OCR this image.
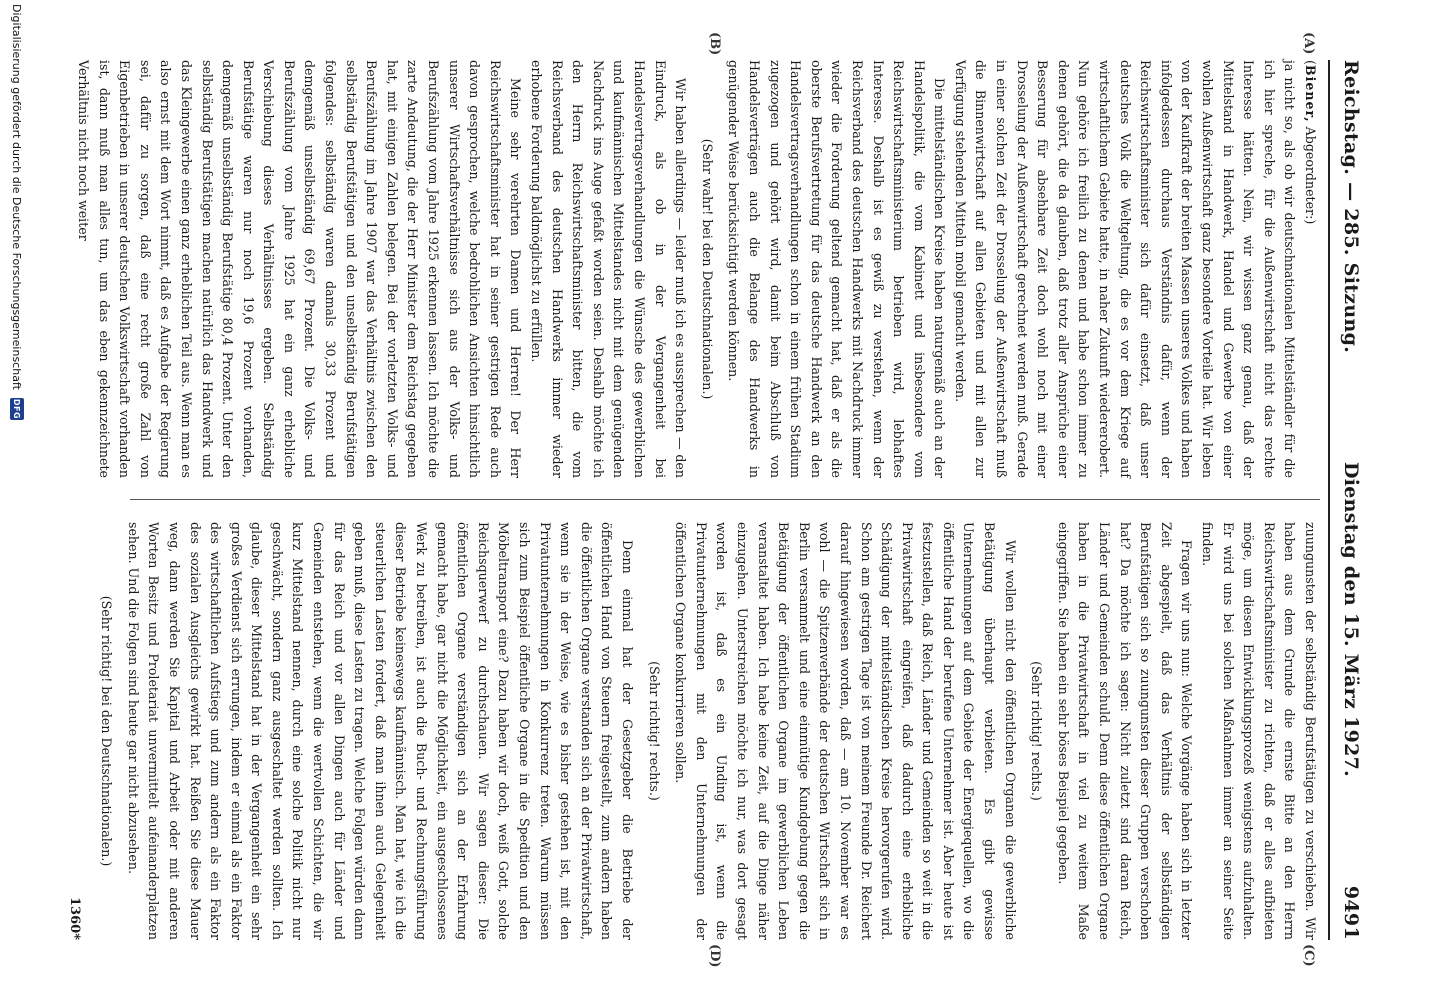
Reichstag. — 285. Sitzung.
Dienstag den 15. März 1927.
9491
(A)
(B)
(C)
(D)

(Biener, Abgeordneter:)

ja nicht so, als ob wir deutschnationalen Mittelständler für die ich hier spreche, für die Außenwirtschaft nicht das rechte Interesse hätten. Nein, wir wissen ganz genau, daß der Mittelstand in Handwerk, Handel und Gewerbe von einer wohlen Außenwirtschaft ganz besondere Vorteile hat. Wir leben von der Kaufkraft der breiten Massen unseres Volkes und haben infolgedessen durchaus Verständnis dafür, wenn der Reichswirtschaftsminister sich dafür einsetzt, daß unser deutsches Volk die Weltgeltung, die es vor dem Kriege auf wirtschaftlichem Gebiete hatte, in naher Zukunft wiedererobert. Nun gehöre ich freilich zu denen und habe schon immer zu denen gehört, die da glauben, daß trotz aller Ansprüche einer Besserung für absehbare Zeit doch wohl noch mit einer Drosselung der Außenwirtschaft gerechnet werden muß. Gerade in einer solchen Zeit der Drosselung der Außenwirtschaft muß die Binnenwirtschaft auf allen Gebieten und mit allen zur Verfügung stehenden Mitteln mobil gemacht werden.

Die mittelständischen Kreise haben naturgemäß auch an der Handelspolitik, die vom Kabinett und insbesondere vom Reichswirtschaftsministerium betrieben wird, lebhaftes Interesse. Deshalb ist es gewiß zu verstehen, wenn der Reichsverband des deutschen Handwerks mit Nachdruck immer wieder die Forderung geltend gemacht hat, daß er als die oberste Berufsvertretung für das deutsche Handwerk an den Handelsvertragsverhandlungen schon in einem frühen Stadium zugezogen und gehört wird, damit beim Abschluß von Handelsverträgen auch die Belange des Handwerks in genügender Weise berücksichtigt werden können.

(Sehr wahr! bei den Deutschnationalen.)

Wir haben allerdings — leider muß ich es aussprechen — den Eindruck, als ob in der Vergangenheit bei Handelsvertragsverhandlungen die Wünsche des gewerblichen und kaufmännischen Mittelstandes nicht mit dem genügenden Nachdruck ins Auge gefaßt worden seien. Deshalb möchte ich den Herrn Reichswirtschaftsminister bitten, die vom Reichsverband des deutschen Handwerks immer wieder erhobene Forderung baldmöglichst zu erfüllen.

Meine sehr verehrten Damen und Herren! Der Herr Reichswirtschaftsminister hat in seiner gestrigen Rede auch davon gesprochen, welche bedrohlichen Ansichten hinsichtlich unserer Wirtschaftsverhältnisse sich aus der Volks- und Berufszählung vom Jahre 1925 erkennen lassen. Ich möchte die zarte Andeutung, die der Herr Minister dem Reichstag gegeben hat, mit einigen Zahlen belegen. Bei der vorletzten Volks- und Berufszählung im Jahre 1907 war das Verhältnis zwischen den selbständig Berufstätigen und den unselbständig Berufstätigen folgendes: selbständig waren damals 30,33 Prozent und demgemäß unselbständig 69,67 Prozent. Die Volks- und Berufszählung vom Jahre 1925 hat ein ganz erhebliche Verschiebung dieses Verhältnisses ergeben. Selbständig Berufstätige waren nur noch 19,6 Prozent vorhanden, demgemäß unselbständig Berufstätige 80,4 Prozent. Unter den selbständig Berufstätigen machen natürlich das Handwerk und das Kleingewerbe einen ganz erheblichen Teil aus. Wenn man es also ernst mit dem Wort nimmt, daß es Aufgabe der Regierung sei, dafür zu sorgen, daß eine recht große Zahl von Eigenbetrieben in unserer deutschen Volkswirtschaft vorhanden ist, dann muß man alles tun, um das eben gekennzeichnete Verhältnis nicht noch weiter

zuungunsten der selbständig Berufstätigen zu verschieben. Wir haben aus dem Grunde die ernste Bitte an den Herrn Reichswirtschaftsminister zu richten, daß er alles aufbieten möge, um diesen Entwicklungsprozeß wenigstens aufzuhalten. Er wird uns bei solchen Maßnahmen immer an seiner Seite finden.

Fragen wir uns nun: Welche Vorgänge haben sich in letzter Zeit abgespielt, daß das Verhältnis der selbständigen Berufstätigen sich so zuungunsten dieser Gruppen verschoben hat? Da möchte ich sagen: Nicht zuletzt sind daran Reich, Länder und Gemeinden schuld. Denn diese öffentlichen Organe haben in die Privatwirtschaft in viel zu weitem Maße eingegriffen. Sie haben ein sehr böses Beispiel gegeben.

(Sehr richtig! rechts.)

Wir wollen nicht den öffentlichen Organen die gewerbliche Betätigung überhaupt verbieten. Es gibt gewisse Unternehmungen auf dem Gebiete der Energiequellen, wo die öffentliche Hand der berufene Unternehmer ist. Aber heute ist festzustellen, daß Reich, Länder und Gemeinden so weit in die Privatwirtschaft eingreifen, daß dadurch eine erhebliche Schädigung der mittelständischen Kreise hervorgerufen wird. Schon am gestrigen Tage ist von meinem Freunde Dr. Reichert darauf hingewiesen worden, daß — am 10. November war es wohl — die Spitzenverbände der deutschen Wirtschaft sich in Berlin versammelt und eine einmütige Kundgebung gegen die Betätigung der öffentlichen Organe im gewerblichen Leben veranstaltet haben. Ich habe keine Zeit, auf die Dinge näher einzugehen. Unterstreichen möchte ich nur, was dort gesagt worden ist, daß es ein Unding ist, wenn die Privatunternehmungen mit den Unternehmungen der öffentlichen Organe konkurrieren sollen.

(Sehr richtig! rechts.)

Denn einmal hat der Gesetzgeber die Betriebe der öffentlichen Hand von Steuern freigestellt, zum andern haben die öffentlichen Organe verstanden sich an der Privatwirtschaft, wenn sie in der Weise, wie es bisher gestehen ist, mit den Privatunternehmungen in Konkurrenz treten. Warum müssen sich zum Beispiel öffentliche Organe in die Spedition und den Möbeltransport eine? Dazu haben wir doch, weiß Gott, solche Reichsquerwerf zu durchschauen. Wir sagen dieser: Die öffentlichen Organe verständigen sich an der Erfahrung gemacht habe, gar nicht die Möglichkeit, ein ausgeschlossenes Werk zu betreiben, ist auch die Buch- und Rechnungsführung dieser Betriebe keineswegs kaufmännisch. Man hat, wie ich die steuerlichen Lasten fordert, daß man ihnen auch Gelegenheit geben muß, diese Lasten zu tragen. Welche Folgen würden dann für das Reich und vor allen Dingen auch für Länder und Gemeinden entstehen, wenn die wertvollen Schichten, die wir kurz Mittelstand nennen, durch eine solche Politik nicht nur geschwächt, sondern ganz ausgeschaltet werden sollten. Ich glaube, dieser Mittelstand hat in der Vergangenheit ein sehr großes Verdienst sich errungen, indem er einmal als ein Faktor des wirtschaftlichen Aufstiegs und zum andern als ein Faktor des sozialen Ausgleichs gewirkt hat. Reißen Sie diese Mauer weg, dann werden Sie Kapital und Arbeit oder mit anderen Worten Besitz und Proletariat unvermittelt aufeinanderplatzen sehen. Und die Folgen sind heute gar nicht abzusehen.

(Sehr richtig! bei den Deutschnationalen.)

1360*
Digitalisierung gefördert durch die Deutsche Forschungsgemeinschaft
DFG
